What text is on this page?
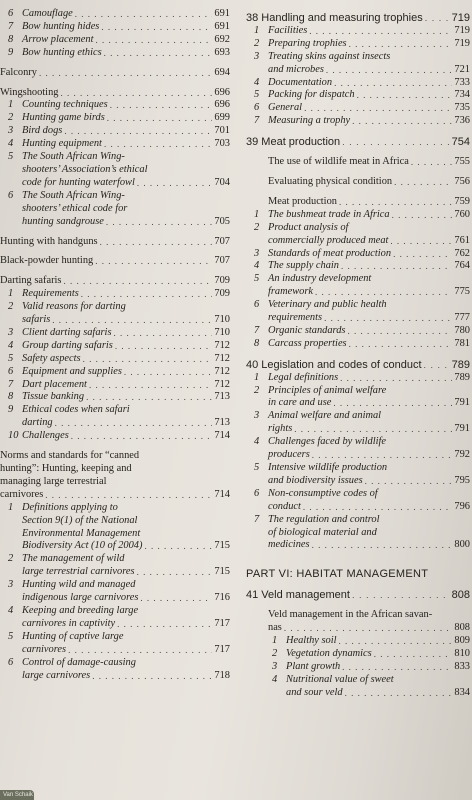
6 Camouflage . . .	691
7 Bow hunting hides . . .	691
8 Arrow placement . . .	692
9 Bow hunting ethics . . .	693
Falconry . . .	694
Wingshooting . . .	696
1 Counting techniques . . .	696
2 Hunting game birds . . .	699
3 Bird dogs . . .	701
4 Hunting equipment . . .	703
5 The South African Wing-
shooters’ Association’s ethical
code for hunting waterfowl . . .	704
6 The South African Wing-
shooters’ ethical code for
hunting sandgrouse . . .	705
Hunting with handguns . . .	707
Black-powder hunting . . .	707
Darting safaris . . .	709
1 Requirements . . .	709
2 Valid reasons for darting
safaris . . .	710
3 Client darting safaris . . .	710
4 Group darting safaris . . .	712
5 Safety aspects . . .	712
6 Equipment and supplies . . .	712
7 Dart placement . . .	712
8 Tissue banking . . .	713
9 Ethical codes when safari
darting . . .	713
10 Challenges . . .	714
Norms and standards for “canned
hunting”: Hunting, keeping and
managing large terrestrial
carnivores . . .	714
1 Definitions applying to
Section 9(1) of the National
Environmental Management
Biodiversity Act (10 of 2004) . . .	715
2 The management of wild
large terrestrial carnivores . . .	715
3 Hunting wild and managed
indigenous large carnivores . . .	716
4 Keeping and breeding large
carnivores in captivity . . .	717
5 Hunting of captive large
carnivores . . .	717
6 Control of damage-causing
large carnivores . . .	718
38 Handling and measuring trophies . . .	719
1 Facilities . . .	719
2 Preparing trophies . . .	719
3 Treating skins against insects
and microbes . . .	721
4 Documentation . . .	733
5 Packing for dispatch . . .	734
6 General . . .	735
7 Measuring a trophy . . .	736
39 Meat production . . .	754
The use of wildlife meat in Africa . . .	755
Evaluating physical condition . . .	756
Meat production . . .	759
1 The bushmeat trade in Africa . . .	760
2 Product analysis of
commercially produced meat . . .	761
3 Standards of meat production . . .	762
4 The supply chain . . .	764
5 An industry development
framework . . .	775
6 Veterinary and public health
requirements . . .	777
7 Organic standards . . .	780
8 Carcass properties . . .	781
40 Legislation and codes of conduct . . .	789
1 Legal definitions . . .	789
2 Principles of animal welfare
in care and use . . .	791
3 Animal welfare and animal
rights . . .	791
4 Challenges faced by wildlife
producers . . .	792
5 Intensive wildlife production
and biodiversity issues . . .	795
6 Non-consumptive codes of
conduct . . .	796
7 The regulation and control
of biological material and
medicines . . .	800
PART VI: HABITAT MANAGEMENT
41 Veld management . . .	808
Veld management in the African savan-
nas . . .	808
1 Healthy soil . . .	809
2 Vegetation dynamics . . .	810
3 Plant growth . . .	833
4 Nutritional value of sweet
and sour veld . . .	834
Van Schaik
